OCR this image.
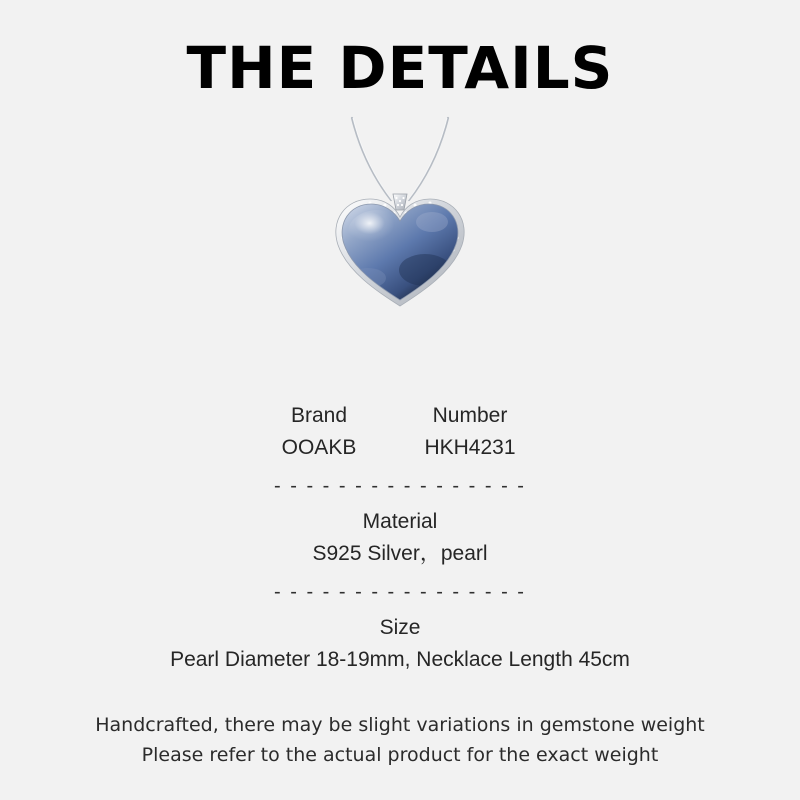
THE DETAILS
Brand	Number
OOAKB	HKH4231
- - - - - - - - - - - - - - - -
Material
S925 Silver，pearl
- - - - - - - - - - - - - - - -
Size
Pearl Diameter 18-19mm, Necklace Length 45cm
Handcrafted, there may be slight variations in gemstone weight
Please refer to the actual product for the exact weight
